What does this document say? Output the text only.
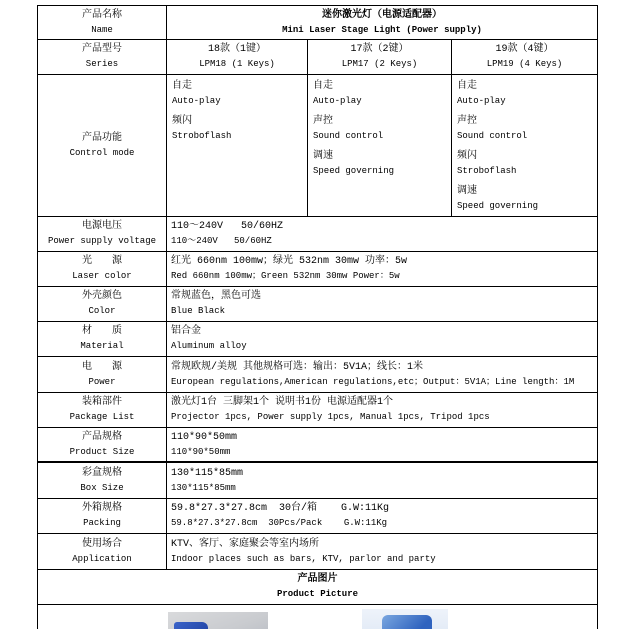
产品名称
Name
迷你激光灯（电源适配器）
Mini Laser Stage Light (Power supply)
产品型号
Series
18款（1键）
LPM18 (1 Keys)
17款（2键）
LPM17 (2 Keys)
19款（4键）
LPM19 (4 Keys)
产品功能
Control mode
自走
Auto-play
频闪
Stroboflash
自走
Auto-play
声控
Sound control
调速
Speed governing
自走
Auto-play
声控
Sound control
频闪
Stroboflash
调速
Speed governing
电源电压
Power supply voltage
110～240V   50/60HZ
110～240V   50/60HZ
光　　源
Laser color
红光 660nm 100mw；绿光 532nm 30mw 功率：5w
Red 660nm 100mw；Green 532nm 30mw Power：5w
外壳颜色
Color
常规蓝色，黑色可选
Blue Black
材　　质
Material
铝合金
Aluminum alloy
电　　源
Power
常规欧规/美规 其他规格可选：输出：5V1A；线长：1米
European regulations,American regulations,etc；Output：5V1A；Line length：1M
装箱部件
Package List
激光灯1台 三脚架1个 说明书1份 电源适配器1个
Projector 1pcs, Power supply 1pcs, Manual 1pcs, Tripod 1pcs
产品规格
Product Size
110*90*50mm
110*90*50mm
彩盒规格
Box Size
130*115*85mm
130*115*85mm
外箱规格
Packing
59.8*27.3*27.8cm  30台/箱    G.W:11Kg
59.8*27.3*27.8cm  30Pcs/Pack    G.W:11Kg
使用场合
Application
KTV、客厅、家庭聚会等室内场所
Indoor places such as bars, KTV, parlor and party
产品图片
Product Picture
